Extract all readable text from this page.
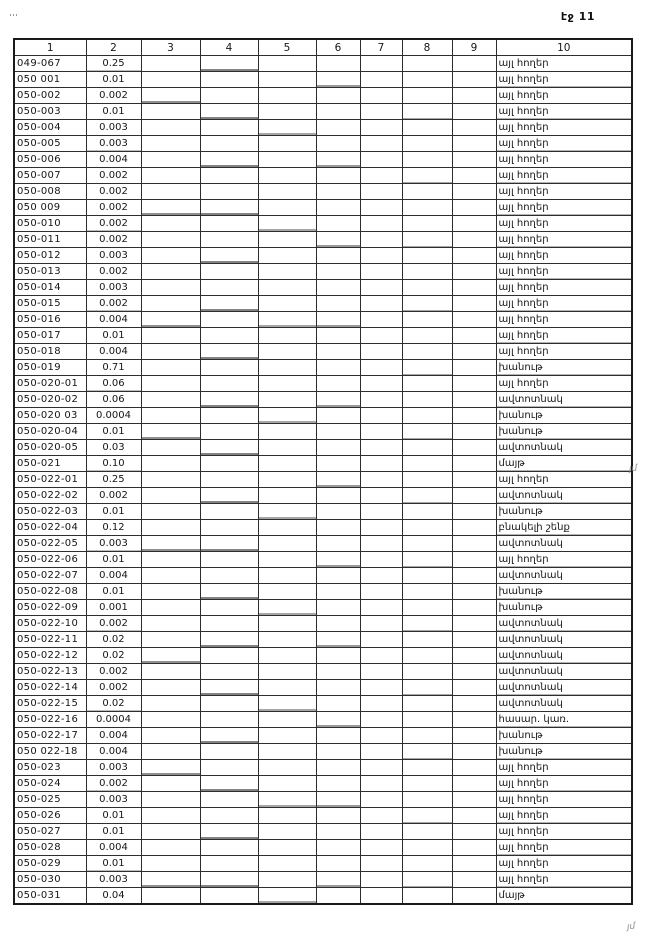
էջ 11
1	2	3	4	5	6	7	8	9	10
049-067	0.25								այլ հողեր
050 001	0.01								այլ հողեր
050-002	0.002								այլ հողեր
050-003	0.01								այլ հողեր
050-004	0.003								այլ հողեր
050-005	0.003								այլ հողեր
050-006	0.004								այլ հողեր
050-007	0.002								այլ հողեր
050-008	0.002								այլ հողեր
050 009	0.002								այլ հողեր
050-010	0.002								այլ հողեր
050-011	0.002								այլ հողեր
050-012	0.003								այլ հողեր
050-013	0.002								այլ հողեր
050-014	0.003								այլ հողեր
050-015	0.002								այլ հողեր
050-016	0.004								այլ հողեր
050-017	0.01								այլ հողեր
050-018	0.004								այլ հողեր
050-019	0.71								խանութ
050-020-01	0.06								այլ հողեր
050-020-02	0.06								ավտոտնակ
050-020 03	0.0004								խանութ
050-020-04	0.01								խանութ
050-020-05	0.03								ավտոտնակ
050-021	0.10								մայթ
050-022-01	0.25								այլ հողեր
050-022-02	0.002								ավտոտնակ
050-022-03	0.01								խանութ
050-022-04	0.12								բնակելի շենք
050-022-05	0.003								ավտոտնակ
050-022-06	0.01								այլ հողեր
050-022-07	0.004								ավտոտնակ
050-022-08	0.01								խանութ
050-022-09	0.001								խանութ
050-022-10	0.002								ավտոտնակ
050-022-11	0.02								ավտոտնակ
050-022-12	0.02								ավտոտնակ
050-022-13	0.002								ավտոտնակ
050-022-14	0.002								ավտոտնակ
050-022-15	0.02								ավտոտնակ
050-022-16	0.0004								հասար. կառ.
050-022-17	0.004								խանութ
050 022-18	0.004								խանութ
050-023	0.003								այլ հողեր
050-024	0.002								այլ հողեր
050-025	0.003								այլ հողեր
050-026	0.01								այլ հողեր
050-027	0.01								այլ հողեր
050-028	0.004								այլ հողեր
050-029	0.01								այլ հողեր
050-030	0.003								այլ հողեր
050-031	0.04								մայթ
յմ
յմ
